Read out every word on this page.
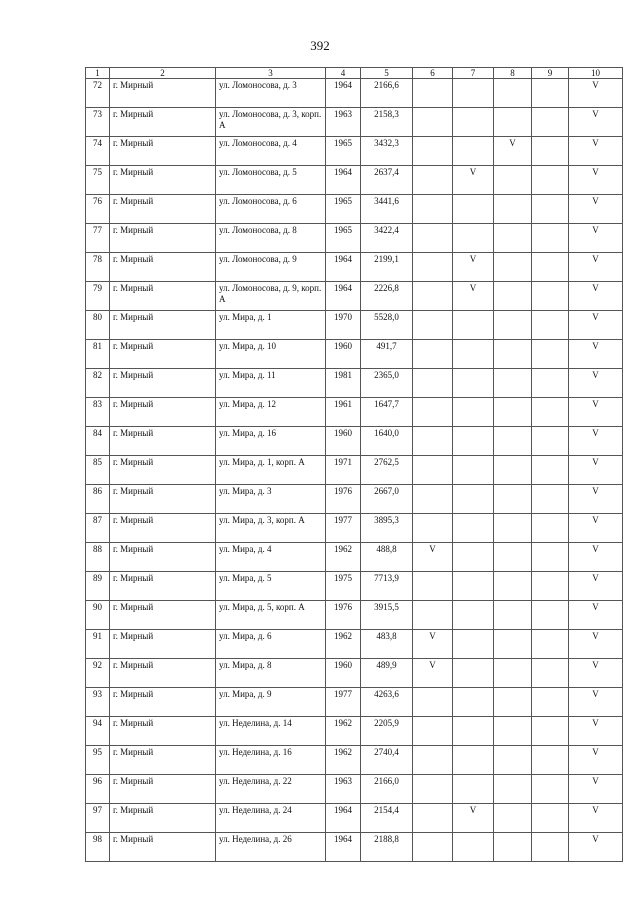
392
1	2	3	4	5	6	7	8	9	10
72	г. Мирный	ул. Ломоносова, д. 3	1964	2166,6					V
73	г. Мирный	ул. Ломоносова, д. 3, корп. А	1963	2158,3					V
74	г. Мирный	ул. Ломоносова, д. 4	1965	3432,3			V		V
75	г. Мирный	ул. Ломоносова, д. 5	1964	2637,4		V			V
76	г. Мирный	ул. Ломоносова, д. 6	1965	3441,6					V
77	г. Мирный	ул. Ломоносова, д. 8	1965	3422,4					V
78	г. Мирный	ул. Ломоносова, д. 9	1964	2199,1		V			V
79	г. Мирный	ул. Ломоносова, д. 9, корп. А	1964	2226,8		V			V
80	г. Мирный	ул. Мира, д. 1	1970	5528,0					V
81	г. Мирный	ул. Мира, д. 10	1960	491,7					V
82	г. Мирный	ул. Мира, д. 11	1981	2365,0					V
83	г. Мирный	ул. Мира, д. 12	1961	1647,7					V
84	г. Мирный	ул. Мира, д. 16	1960	1640,0					V
85	г. Мирный	ул. Мира, д. 1, корп. А	1971	2762,5					V
86	г. Мирный	ул. Мира, д. 3	1976	2667,0					V
87	г. Мирный	ул. Мира, д. 3, корп. А	1977	3895,3					V
88	г. Мирный	ул. Мира, д. 4	1962	488,8	V				V
89	г. Мирный	ул. Мира, д. 5	1975	7713,9					V
90	г. Мирный	ул. Мира, д. 5, корп. А	1976	3915,5					V
91	г. Мирный	ул. Мира, д. 6	1962	483,8	V				V
92	г. Мирный	ул. Мира, д. 8	1960	489,9	V				V
93	г. Мирный	ул. Мира, д. 9	1977	4263,6					V
94	г. Мирный	ул. Неделина, д. 14	1962	2205,9					V
95	г. Мирный	ул. Неделина, д. 16	1962	2740,4					V
96	г. Мирный	ул. Неделина, д. 22	1963	2166,0					V
97	г. Мирный	ул. Неделина, д. 24	1964	2154,4		V			V
98	г. Мирный	ул. Неделина, д. 26	1964	2188,8					V
